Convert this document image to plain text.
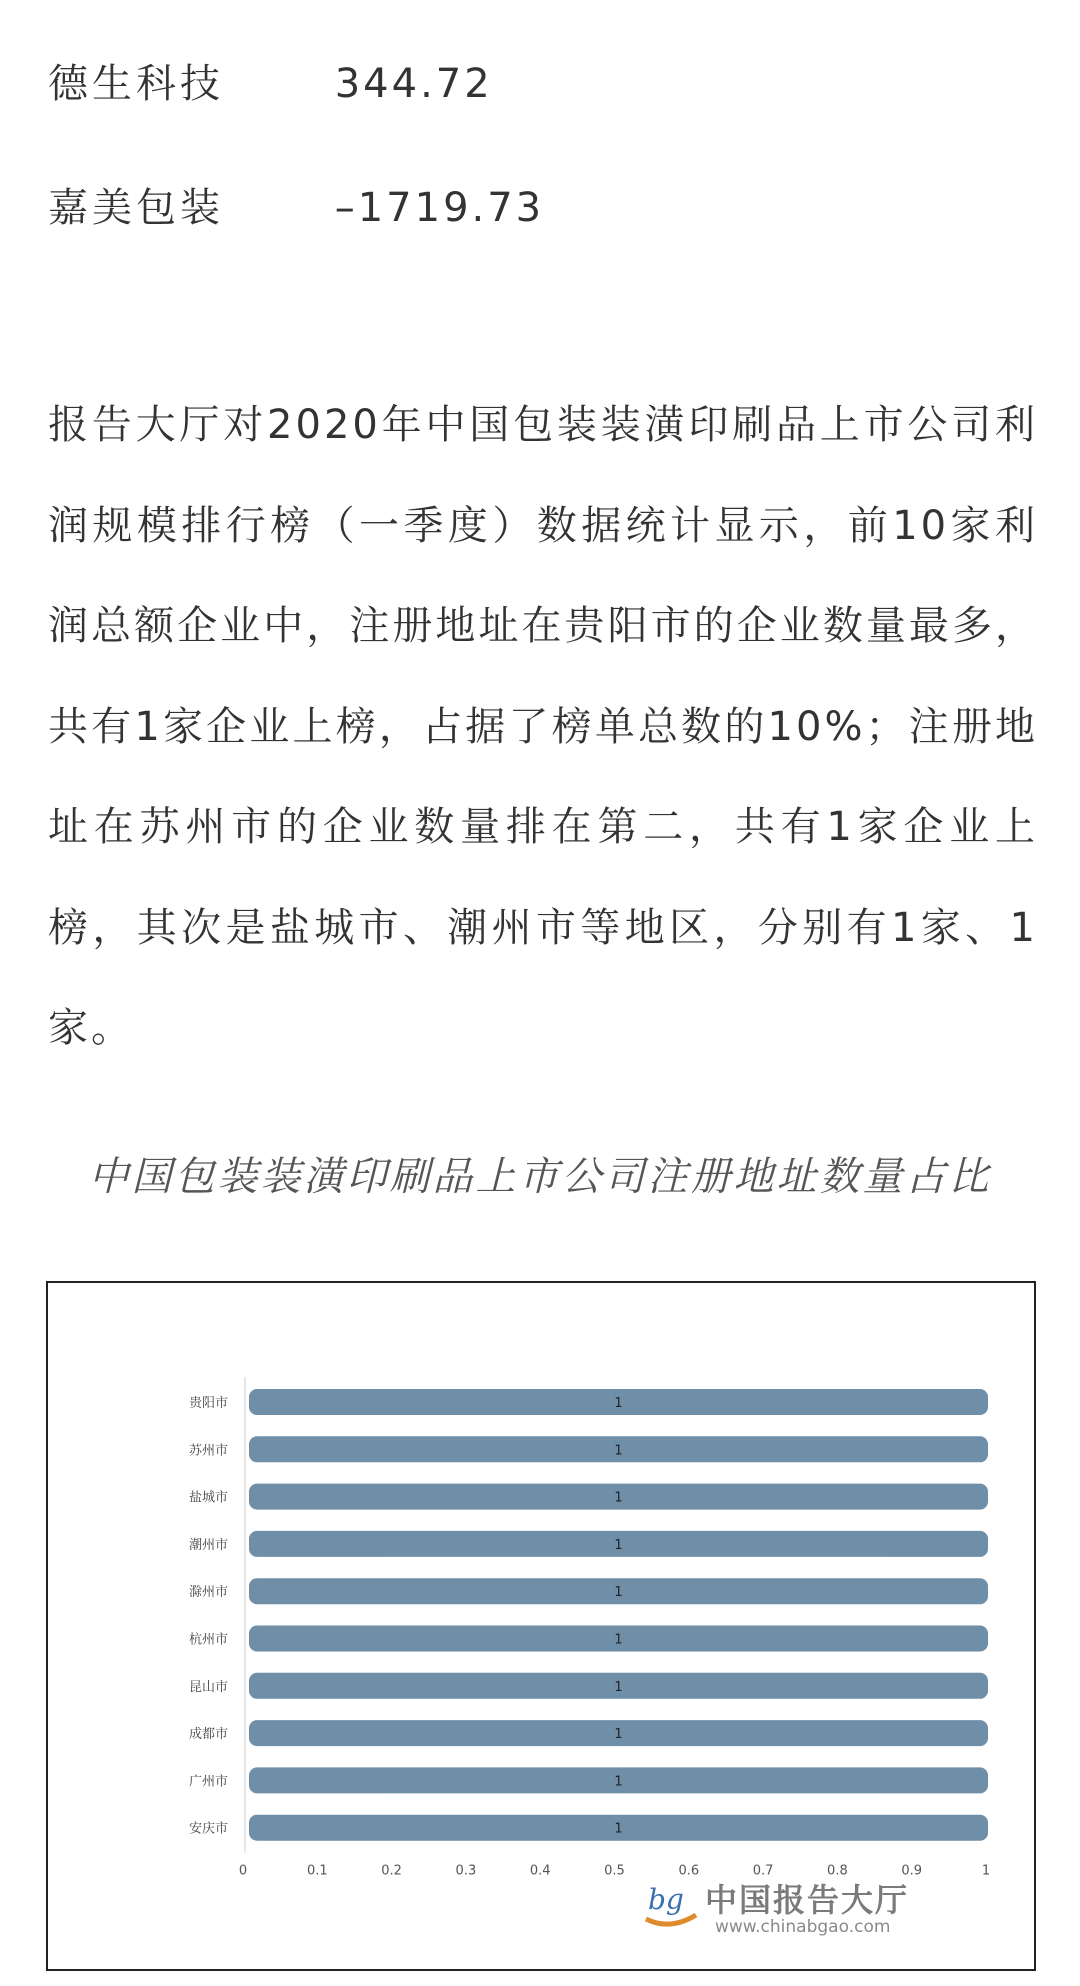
德生科技	344.72
嘉美包装	–1719.73
报告大厅对2020年中国包装装潢印刷品上市公司利润规模排行榜（一季度）数据统计显示，前10家利润总额企业中，注册地址在贵阳市的企业数量最多，共有1家企业上榜，占据了榜单总数的10%；注册地址在苏州市的企业数量排在第二，共有1家企业上榜，其次是盐城市、潮州市等地区，分别有1家、1家。
中国包装装潢印刷品上市公司注册地址数量占比
贵阳市	1
苏州市	1
盐城市	1
潮州市	1
滁州市	1
杭州市	1
昆山市	1
成都市	1
广州市	1
安庆市	1
0	0.1	0.2	0.3	0.4	0.5	0.6	0.7	0.8	0.9	1
bg 中国报告大厅
www.chinabgao.com
